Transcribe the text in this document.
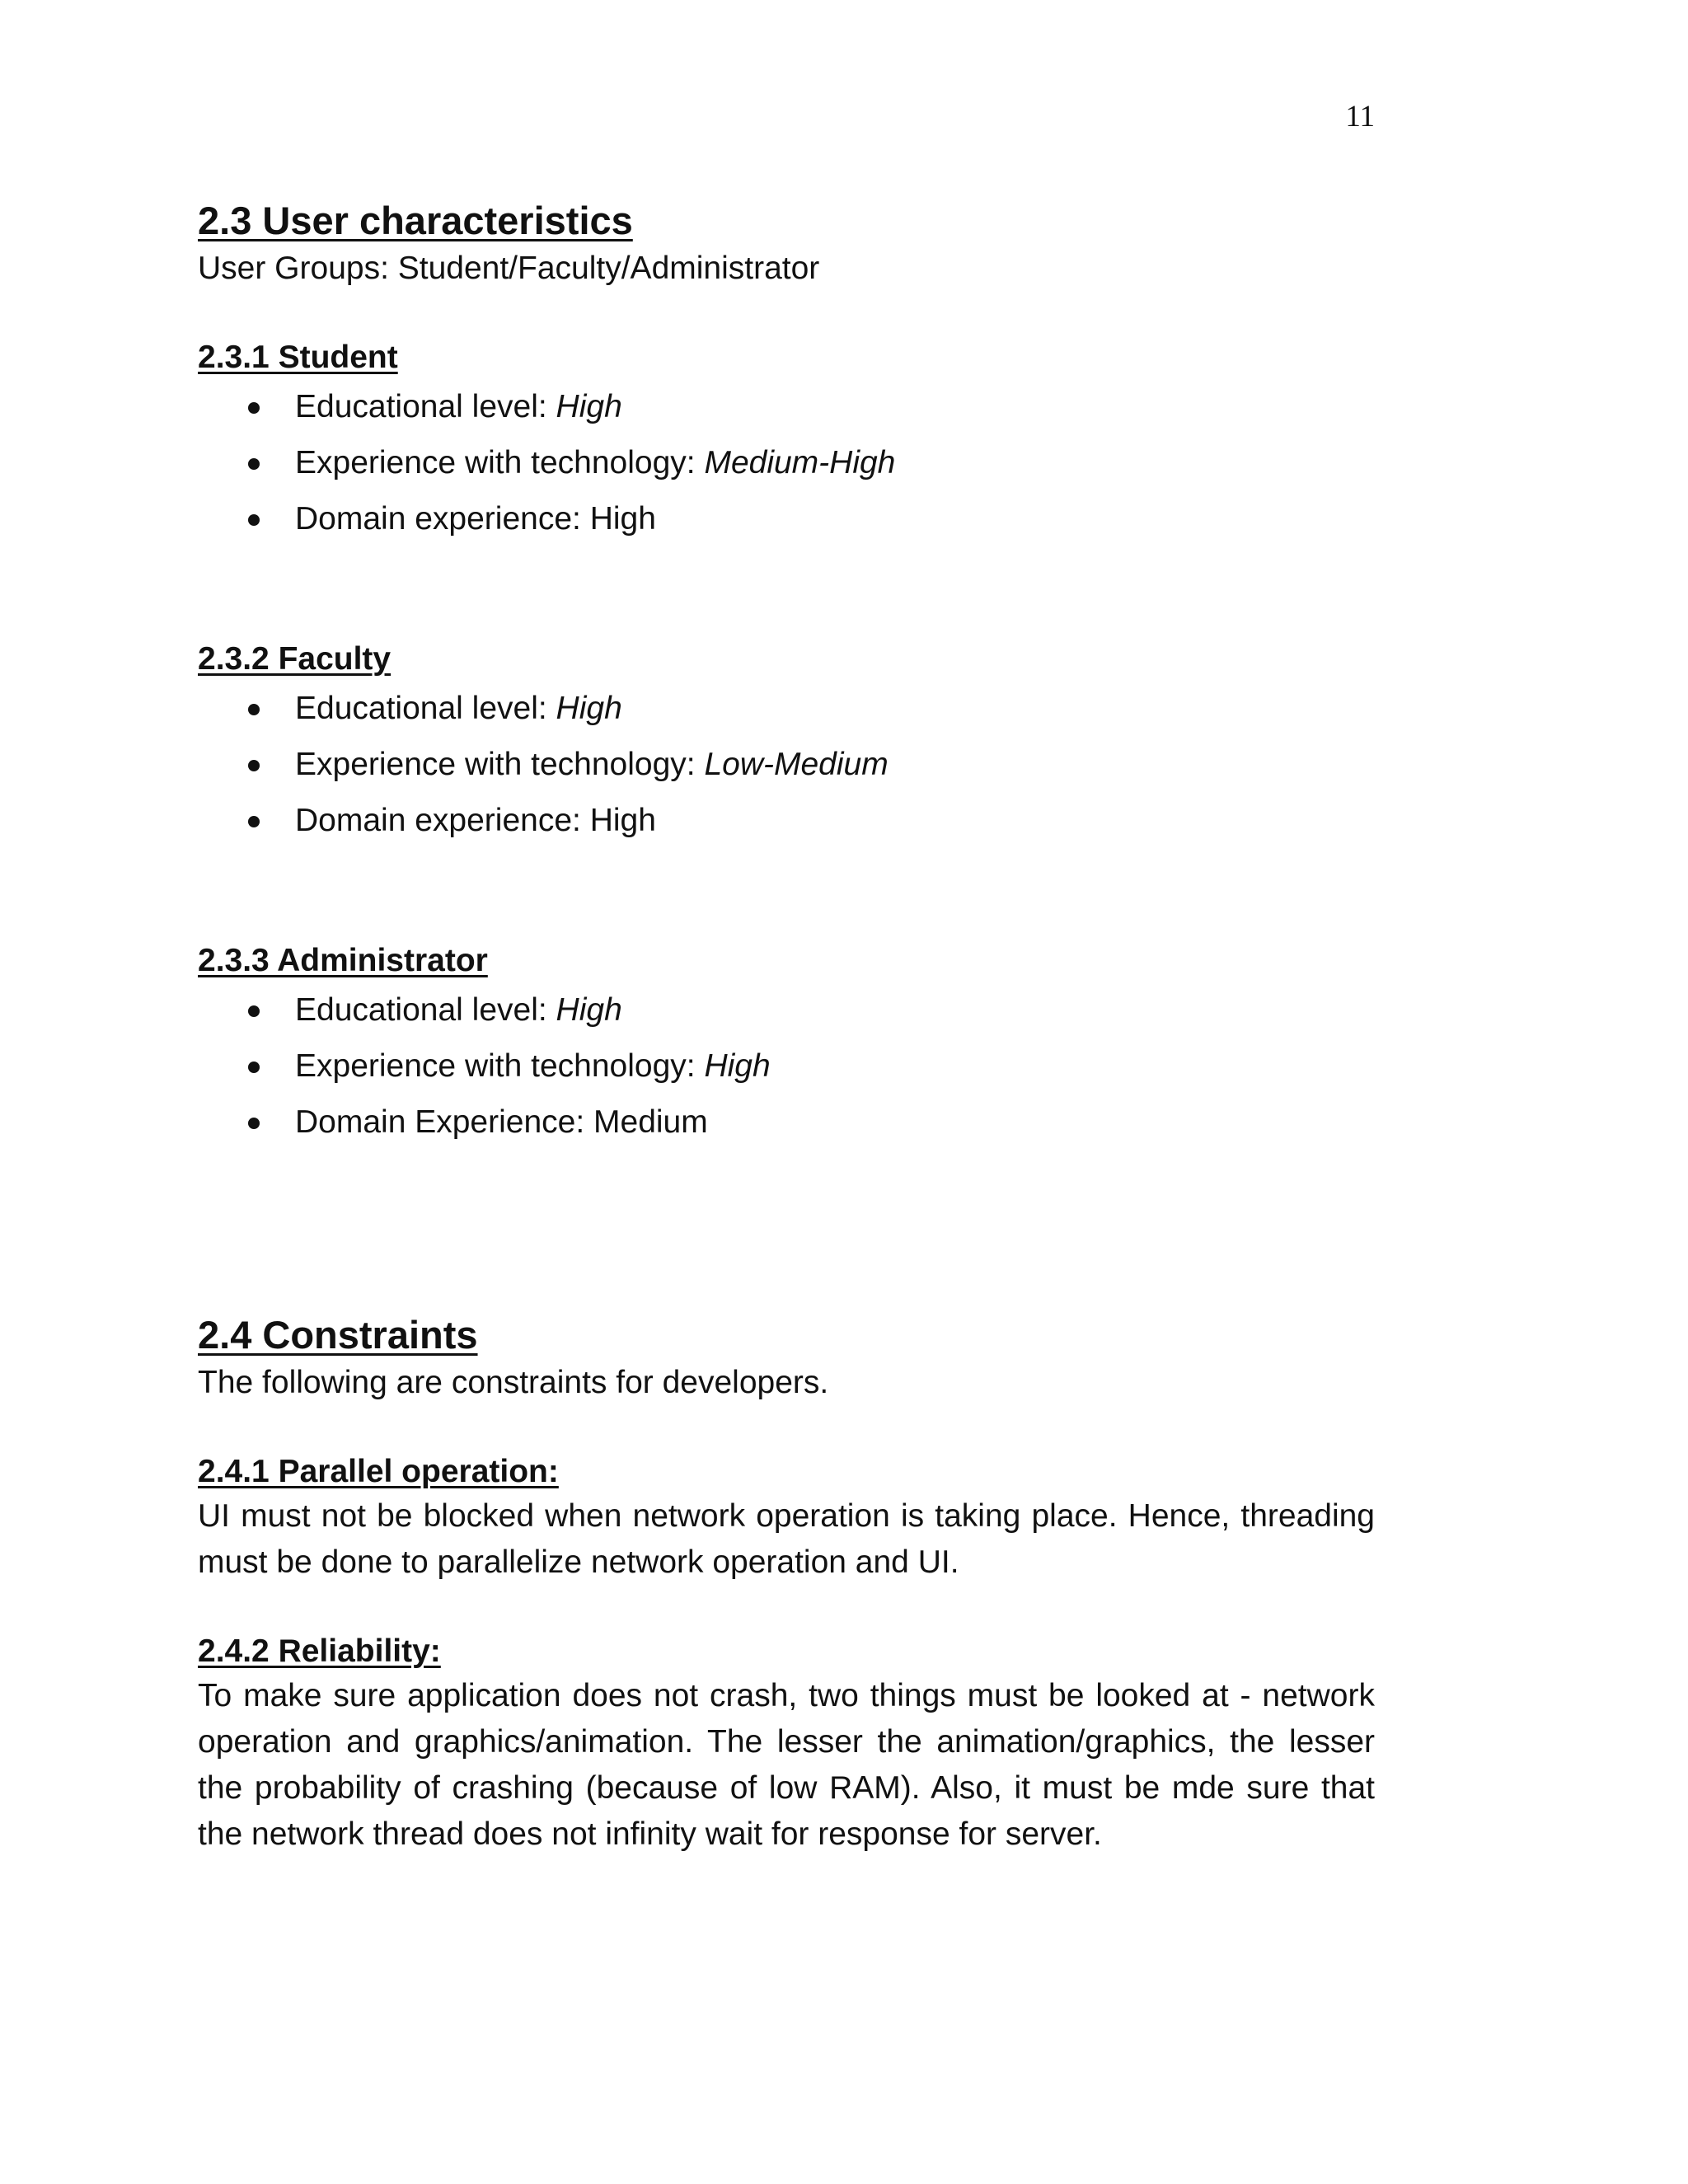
11
2.3 User characteristics

User Groups: Student/Faculty/Administrator

2.3.1 Student
Educational level: High
Experience with technology: Medium-High
Domain experience: High
2.3.2 Faculty
Educational level: High
Experience with technology: Low-Medium
Domain experience: High
2.3.3 Administrator
Educational level: High
Experience with technology: High
Domain Experience: Medium
2.4 Constraints

The following are constraints for developers.

2.4.1 Parallel operation:

UI must not be blocked when network operation is taking place. Hence, threading must be done to parallelize network operation and UI.

2.4.2 Reliability:

To make sure application does not crash, two things must be looked at - network operation and graphics/animation. The lesser the animation/graphics, the lesser the probability of crashing (because of low RAM). Also, it must be mde sure that the network thread does not infinity wait for response for server.
